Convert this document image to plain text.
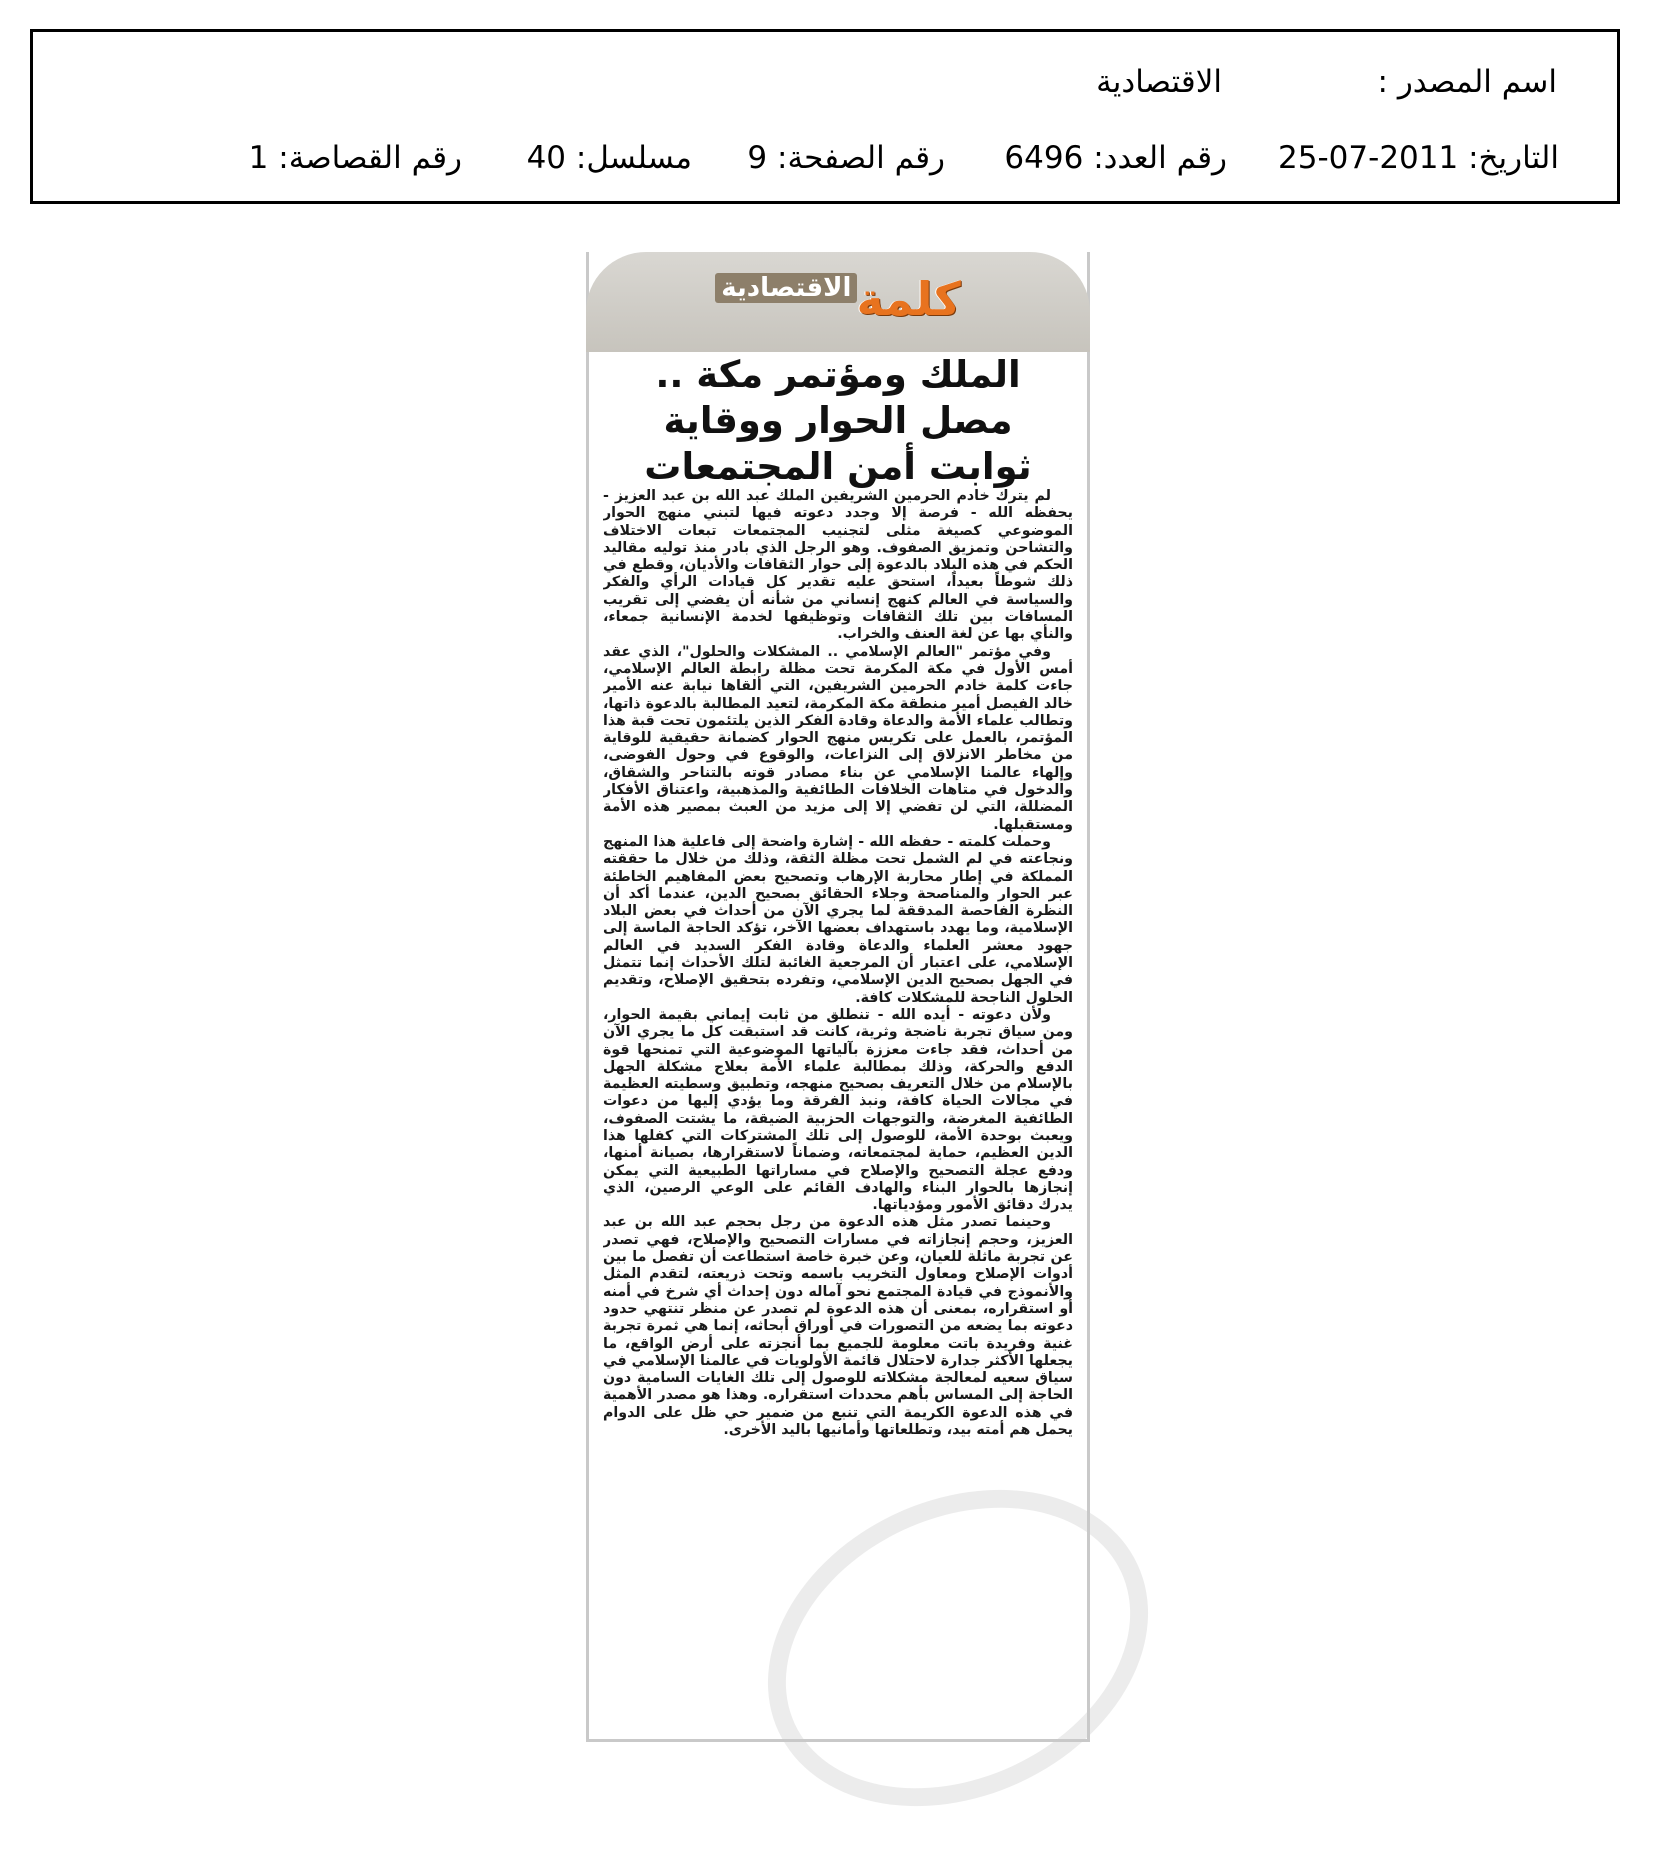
اسم المصدر :
الاقتصادية
التاريخ: 2011-07-25
رقم العدد: 6496
رقم الصفحة: 9
مسلسل: 40
رقم القصاصة: 1
كلمة الاقتصادية
الملك ومؤتمر مكة ..
مصل الحوار ووقاية
ثوابت أمن المجتمعات

لم يترك خادم الحرمين الشريفين الملك عبد الله بن عبد العزيز - يحفظه الله - فرصة إلا وجدد دعوته فيها لتبني منهج الحوار الموضوعي كصيغة مثلى لتجنيب المجتمعات تبعات الاختلاف والتشاحن وتمزيق الصفوف. وهو الرجل الذي بادر منذ توليه مقاليد الحكم في هذه البلاد بالدعوة إلى حوار الثقافات والأديان، وقطع في ذلك شوطاً بعيداً، استحق عليه تقدير كل قيادات الرأي والفكر والسياسة في العالم كنهج إنساني من شأنه أن يفضي إلى تقريب المسافات بين تلك الثقافات وتوظيفها لخدمة الإنسانية جمعاء، والنأي بها عن لغة العنف والخراب.

وفي مؤتمر "العالم الإسلامي .. المشكلات والحلول"، الذي عقد أمس الأول في مكة المكرمة تحت مظلة رابطة العالم الإسلامي، جاءت كلمة خادم الحرمين الشريفين، التي ألقاها نيابة عنه الأمير خالد الفيصل أمير منطقة مكة المكرمة، لتعيد المطالبة بالدعوة ذاتها، وتطالب علماء الأمة والدعاة وقادة الفكر الذين يلتئمون تحت قبة هذا المؤتمر، بالعمل على تكريس منهج الحوار كضمانة حقيقية للوقاية من مخاطر الانزلاق إلى النزاعات، والوقوع في وحول الفوضى، وإلهاء عالمنا الإسلامي عن بناء مصادر قوته بالتناحر والشقاق، والدخول في متاهات الخلافات الطائفية والمذهبية، واعتناق الأفكار المضللة، التي لن تفضي إلا إلى مزيد من العبث بمصير هذه الأمة ومستقبلها.

وحملت كلمته - حفظه الله - إشارة واضحة إلى فاعلية هذا المنهج ونجاعته في لم الشمل تحت مظلة الثقة، وذلك من خلال ما حققته المملكة في إطار محاربة الإرهاب وتصحيح بعض المفاهيم الخاطئة عبر الحوار والمناصحة وجلاء الحقائق بصحيح الدين، عندما أكد أن النظرة الفاحصة المدققة لما يجري الآن من أحداث في بعض البلاد الإسلامية، وما يهدد باستهداف بعضها الآخر، تؤكد الحاجة الماسة إلى جهود معشر العلماء والدعاة وقادة الفكر السديد في العالم الإسلامي، على اعتبار أن المرجعية الغائبة لتلك الأحداث إنما تتمثل في الجهل بصحيح الدين الإسلامي، وتفرده بتحقيق الإصلاح، وتقديم الحلول الناجحة للمشكلات كافة.

ولأن دعوته - أيده الله - تنطلق من ثابت إيماني بقيمة الحوار، ومن سياق تجربة ناضجة وثرية، كانت قد استبقت كل ما يجري الآن من أحداث، فقد جاءت معززة بآلياتها الموضوعية التي تمنحها قوة الدفع والحركة، وذلك بمطالبة علماء الأمة بعلاج مشكلة الجهل بالإسلام من خلال التعريف بصحيح منهجه، وتطبيق وسطيته العظيمة في مجالات الحياة كافة، ونبذ الفرقة وما يؤدي إليها من دعوات الطائفية المغرضة، والتوجهات الحزبية الضيقة، ما يشتت الصفوف، ويعبث بوحدة الأمة، للوصول إلى تلك المشتركات التي كفلها هذا الدين العظيم، حماية لمجتمعاته، وضماناً لاستقرارها، بصيانة أمنها، ودفع عجلة التصحيح والإصلاح في مساراتها الطبيعية التي يمكن إنجازها بالحوار البناء والهادف القائم على الوعي الرصين، الذي يدرك دقائق الأمور ومؤدياتها.

وحينما تصدر مثل هذه الدعوة من رجل بحجم عبد الله بن عبد العزيز، وحجم إنجازاته في مسارات التصحيح والإصلاح، فهي تصدر عن تجربة ماثلة للعيان، وعن خبرة خاصة استطاعت أن تفصل ما بين أدوات الإصلاح ومعاول التخريب باسمه وتحت ذريعته، لتقدم المثل والأنموذج في قيادة المجتمع نحو آماله دون إحداث أي شرخ في أمنه أو استقراره، بمعنى أن هذه الدعوة لم تصدر عن منظر تنتهي حدود دعوته بما يضعه من التصورات في أوراق أبحاثه، إنما هي ثمرة تجربة غنية وفريدة باتت معلومة للجميع بما أنجزته على أرض الواقع، ما يجعلها الأكثر جدارة لاحتلال قائمة الأولويات في عالمنا الإسلامي في سياق سعيه لمعالجة مشكلاته للوصول إلى تلك الغايات السامية دون الحاجة إلى المساس بأهم محددات استقراره. وهذا هو مصدر الأهمية في هذه الدعوة الكريمة التي تنبع من ضمير حي ظل على الدوام يحمل هم أمته بيد، وتطلعاتها وأمانيها باليد الأخرى.
